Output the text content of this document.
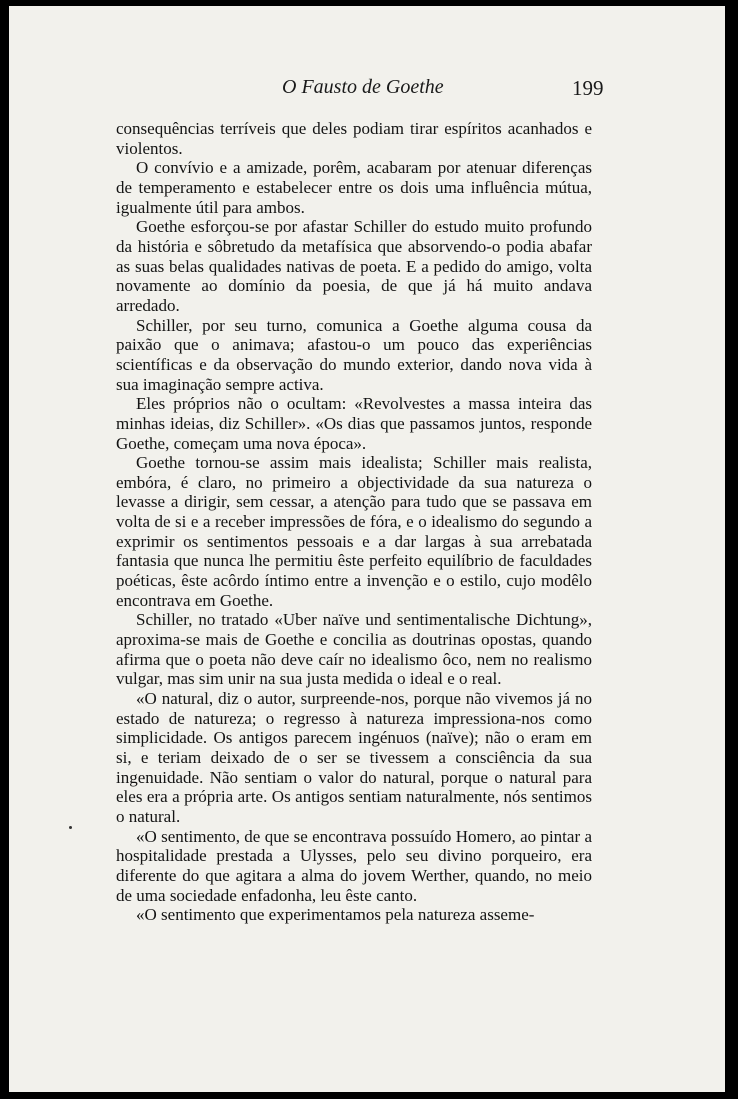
O Fausto de Goethe	199

consequências terríveis que deles podiam tirar espíritos acanhados e violentos.

O convívio e a amizade, porêm, acabaram por atenuar diferenças de temperamento e estabelecer entre os dois uma influência mútua, igualmente útil para ambos.

Goethe esforçou-se por afastar Schiller do estudo muito profundo da história e sôbretudo da metafísica que absorvendo-o podia abafar as suas belas qualidades nativas de poeta. E a pedido do amigo, volta novamente ao domínio da poesia, de que já há muito andava arredado.

Schiller, por seu turno, comunica a Goethe alguma cousa da paixão que o animava; afastou-o um pouco das experiências scientíficas e da observação do mundo exterior, dando nova vida à sua imaginação sempre activa.

Eles próprios não o ocultam: «Revolvestes a massa inteira das minhas ideias, diz Schiller». «Os dias que passamos juntos, responde Goethe, começam uma nova época».

Goethe tornou-se assim mais idealista; Schiller mais realista, embóra, é claro, no primeiro a objectividade da sua natureza o levasse a dirigir, sem cessar, a atenção para tudo que se passava em volta de si e a receber impressões de fóra, e o idealismo do segundo a exprimir os sentimentos pessoais e a dar largas à sua arrebatada fantasia que nunca lhe permitiu êste perfeito equilíbrio de faculdades poéticas, êste acôrdo íntimo entre a invenção e o estilo, cujo modêlo encontrava em Goethe.

Schiller, no tratado «Uber naïve und sentimentalische Dichtung», aproxima-se mais de Goethe e concilia as doutrinas opostas, quando afirma que o poeta não deve caír no idealismo ôco, nem no realismo vulgar, mas sim unir na sua justa medida o ideal e o real.

«O natural, diz o autor, surpreende-nos, porque não vivemos já no estado de natureza; o regresso à natureza impressiona-nos como simplicidade. Os antigos parecem ingénuos (naïve); não o eram em si, e teriam deixado de o ser se tivessem a consciência da sua ingenuidade. Não sentiam o valor do natural, porque o natural para eles era a própria arte. Os antigos sentiam naturalmente, nós sentimos o natural.

«O sentimento, de que se encontrava possuído Homero, ao pintar a hospitalidade prestada a Ulysses, pelo seu divino porqueiro, era diferente do que agitara a alma do jovem Werther, quando, no meio de uma sociedade enfadonha, leu êste canto.

«O sentimento que experimentamos pela natureza asseme-
